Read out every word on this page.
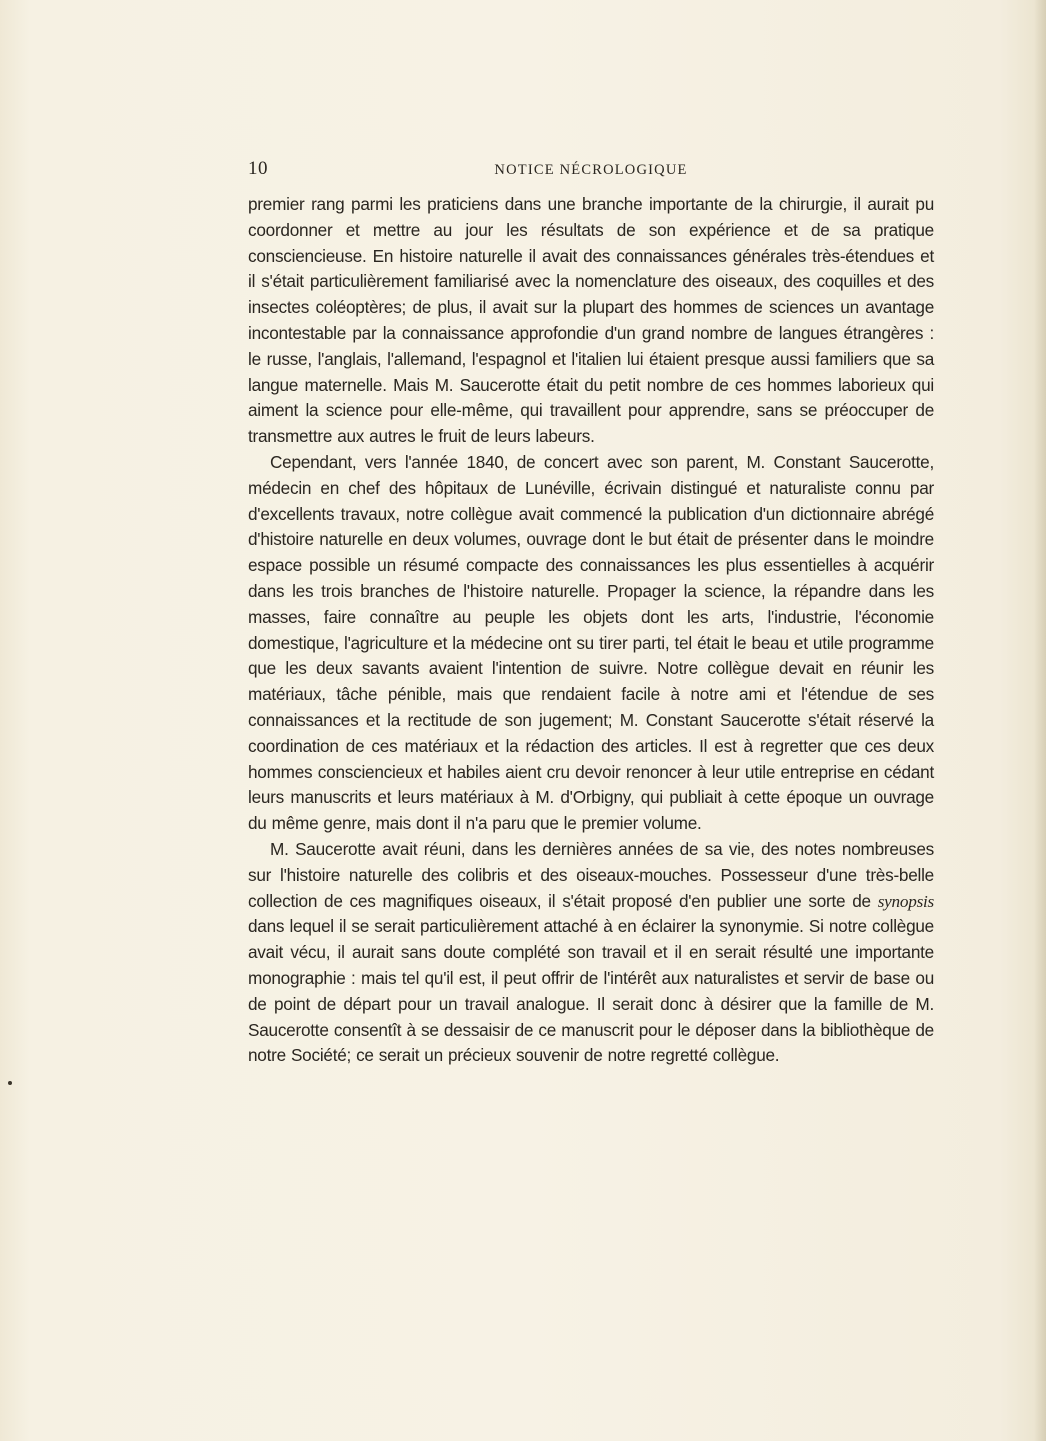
10	NOTICE NÉCROLOGIQUE

premier rang parmi les praticiens dans une branche importante de la chirurgie, il aurait pu coordonner et mettre au jour les résultats de son expérience et de sa pratique consciencieuse. En histoire naturelle il avait des connaissances générales très-étendues et il s'était particulièrement familiarisé avec la nomenclature des oiseaux, des coquilles et des insectes coléoptères; de plus, il avait sur la plupart des hommes de sciences un avantage incontestable par la connaissance approfondie d'un grand nombre de langues étrangères : le russe, l'anglais, l'allemand, l'espagnol et l'italien lui étaient presque aussi familiers que sa langue maternelle. Mais M. Saucerotte était du petit nombre de ces hommes laborieux qui aiment la science pour elle-même, qui travaillent pour apprendre, sans se préoccuper de transmettre aux autres le fruit de leurs labeurs.

Cependant, vers l'année 1840, de concert avec son parent, M. Constant Saucerotte, médecin en chef des hôpitaux de Lunéville, écrivain distingué et naturaliste connu par d'excellents travaux, notre collègue avait commencé la publication d'un dictionnaire abrégé d'histoire naturelle en deux volumes, ouvrage dont le but était de présenter dans le moindre espace possible un résumé compacte des connaissances les plus essentielles à acquérir dans les trois branches de l'histoire naturelle. Propager la science, la répandre dans les masses, faire connaître au peuple les objets dont les arts, l'industrie, l'économie domestique, l'agriculture et la médecine ont su tirer parti, tel était le beau et utile programme que les deux savants avaient l'intention de suivre. Notre collègue devait en réunir les matériaux, tâche pénible, mais que rendaient facile à notre ami et l'étendue de ses connaissances et la rectitude de son jugement; M. Constant Saucerotte s'était réservé la coordination de ces matériaux et la rédaction des articles. Il est à regretter que ces deux hommes consciencieux et habiles aient cru devoir renoncer à leur utile entreprise en cédant leurs manuscrits et leurs matériaux à M. d'Orbigny, qui publiait à cette époque un ouvrage du même genre, mais dont il n'a paru que le premier volume.

M. Saucerotte avait réuni, dans les dernières années de sa vie, des notes nombreuses sur l'histoire naturelle des colibris et des oiseaux-mouches. Possesseur d'une très-belle collection de ces magnifiques oiseaux, il s'était proposé d'en publier une sorte de synopsis dans lequel il se serait particulièrement attaché à en éclairer la synonymie. Si notre collègue avait vécu, il aurait sans doute complété son travail et il en serait résulté une importante monographie : mais tel qu'il est, il peut offrir de l'intérêt aux naturalistes et servir de base ou de point de départ pour un travail analogue. Il serait donc à désirer que la famille de M. Saucerotte consentît à se dessaisir de ce manuscrit pour le déposer dans la bibliothèque de notre Société; ce serait un précieux souvenir de notre regretté collègue.
